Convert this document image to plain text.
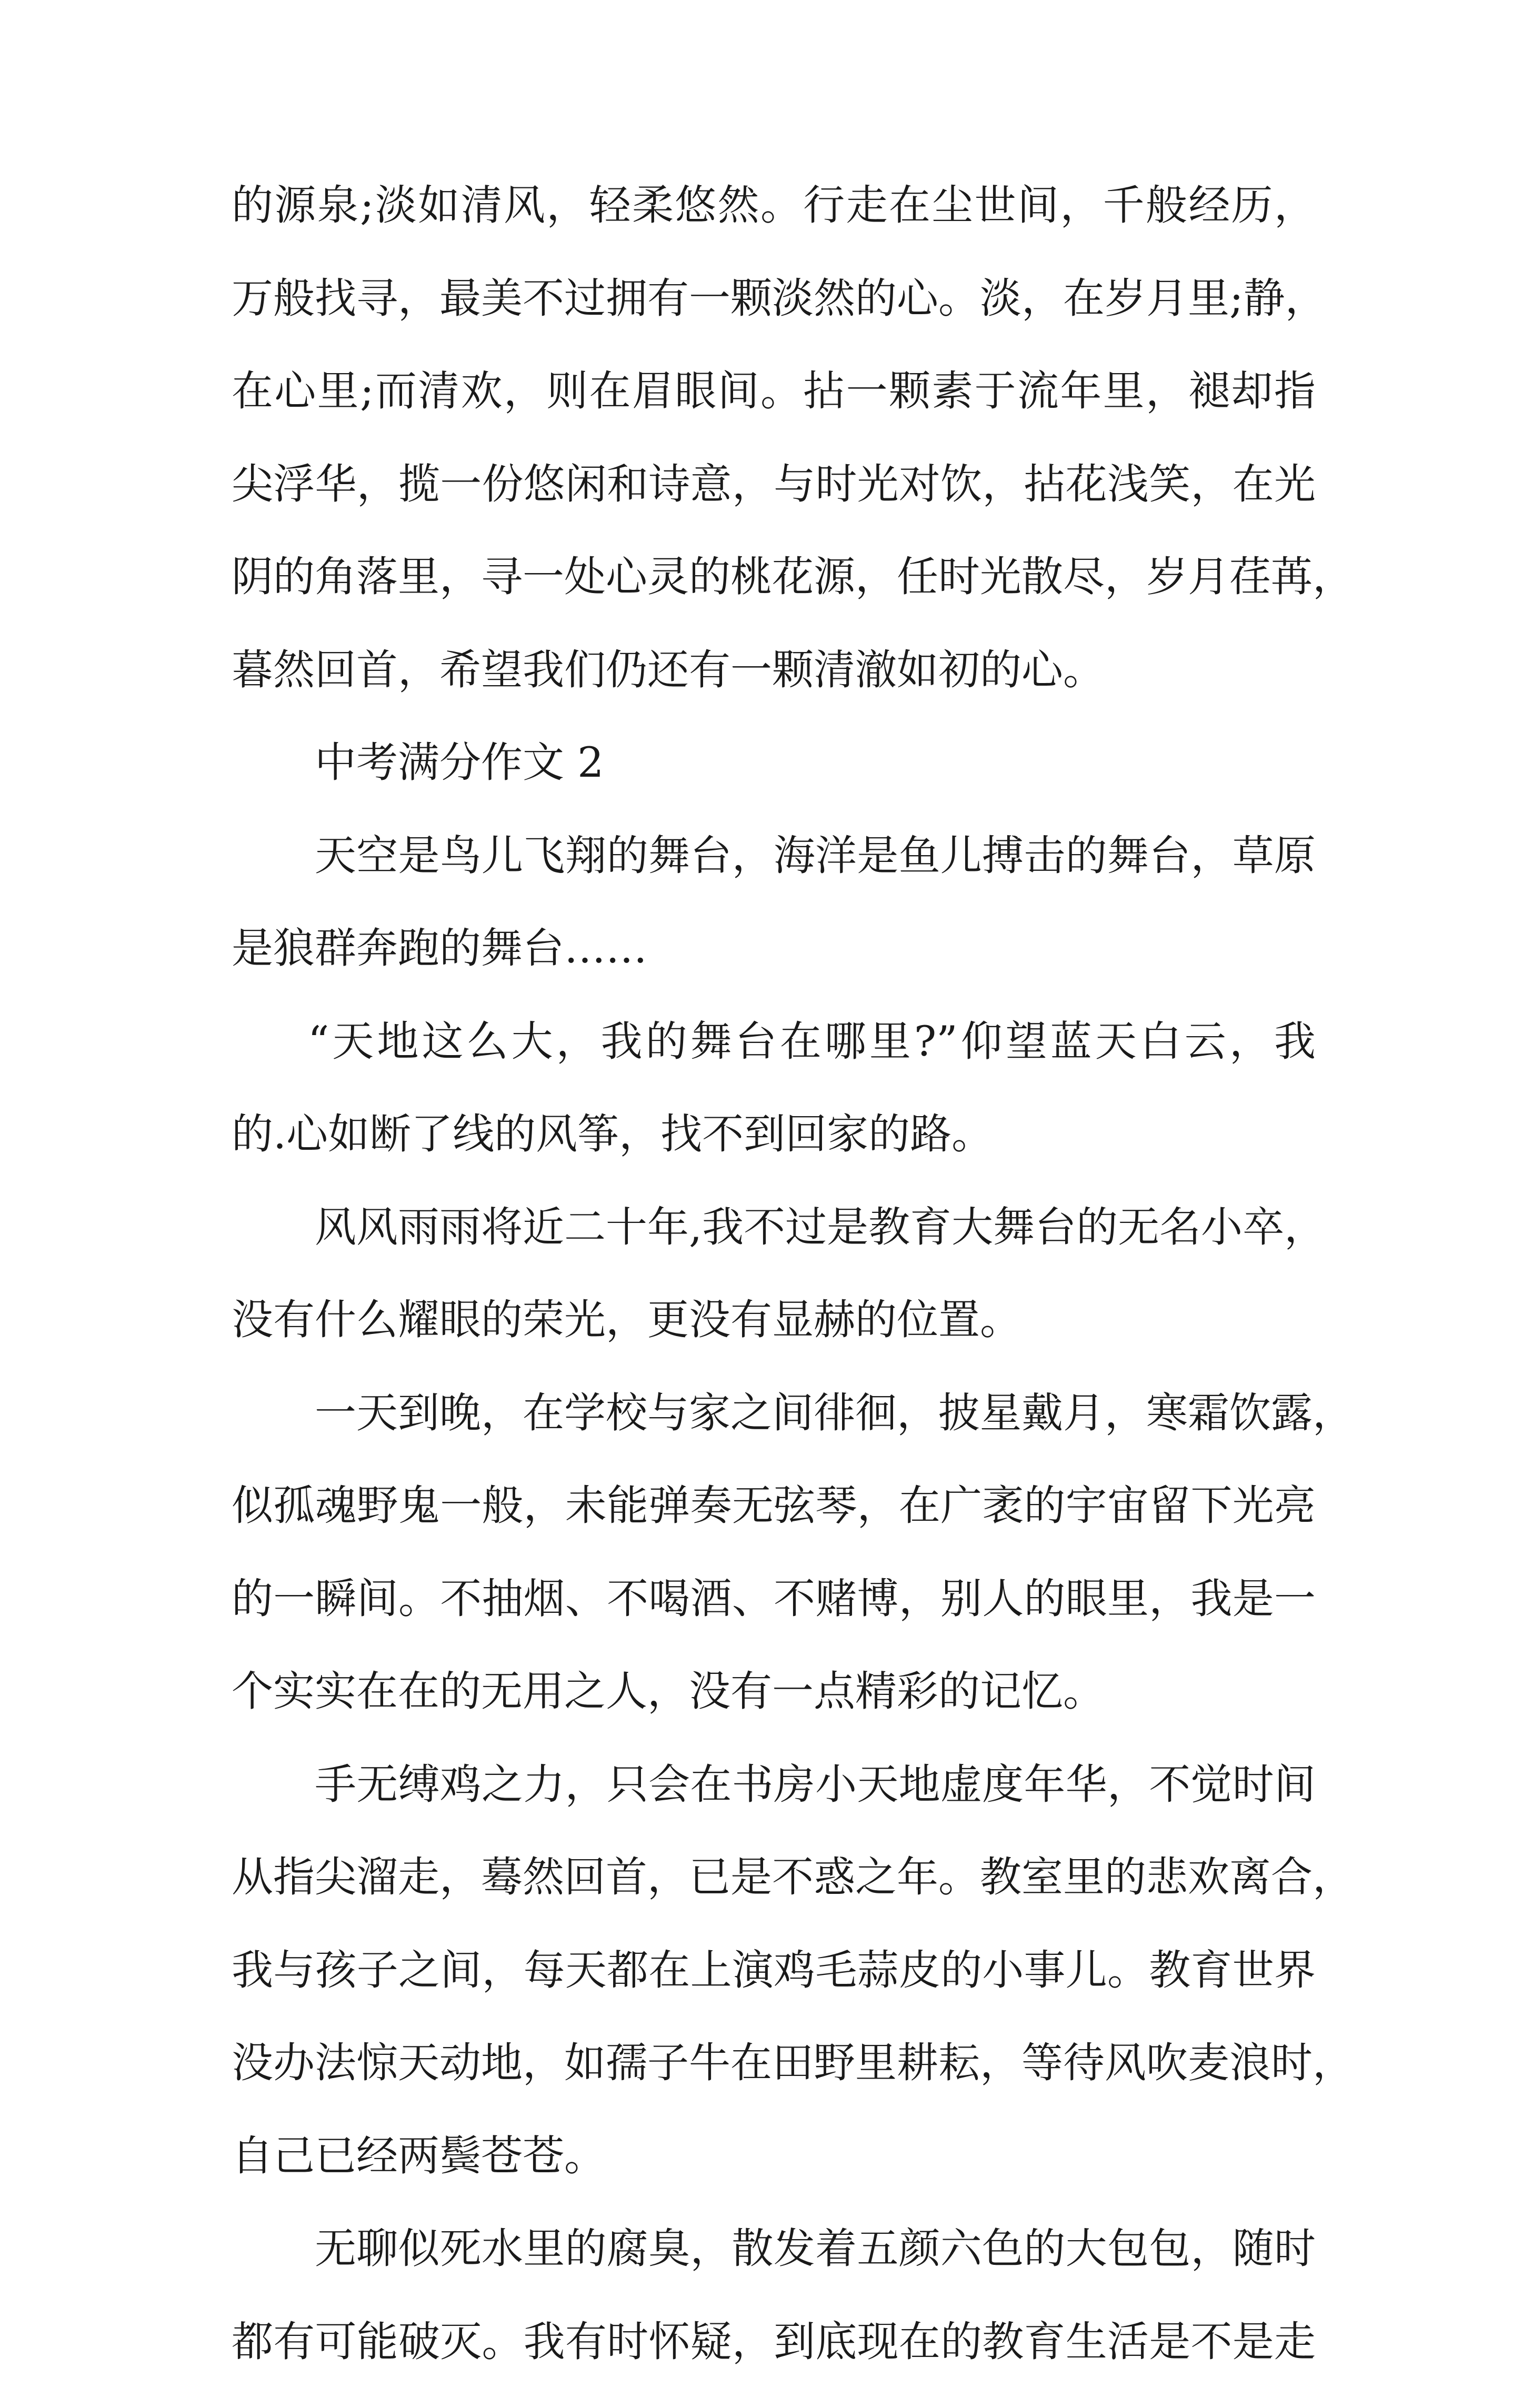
的源泉;淡如清风，轻柔悠然。行走在尘世间，千般经历，
万般找寻，最美不过拥有一颗淡然的心。淡，在岁月里;静，
在心里;而清欢，则在眉眼间。拈一颗素于流年里，褪却指
尖浮华，揽一份悠闲和诗意，与时光对饮，拈花浅笑，在光
阴的角落里，寻一处心灵的桃花源，任时光散尽，岁月荏苒，
暮然回首，希望我们仍还有一颗清澈如初的心。
中考满分作文 2
天空是鸟儿飞翔的舞台，海洋是鱼儿搏击的舞台，草原
是狼群奔跑的舞台……
“天地这么大，我的舞台在哪里?”仰望蓝天白云，我
的.心如断了线的风筝，找不到回家的路。
风风雨雨将近二十年,我不过是教育大舞台的无名小卒，
没有什么耀眼的荣光，更没有显赫的位置。
一天到晚，在学校与家之间徘徊，披星戴月，寒霜饮露，
似孤魂野鬼一般，未能弹奏无弦琴，在广袤的宇宙留下光亮
的一瞬间。不抽烟、不喝酒、不赌博，别人的眼里，我是一
个实实在在的无用之人，没有一点精彩的记忆。
手无缚鸡之力，只会在书房小天地虚度年华，不觉时间
从指尖溜走，蓦然回首，已是不惑之年。教室里的悲欢离合，
我与孩子之间，每天都在上演鸡毛蒜皮的小事儿。教育世界
没办法惊天动地，如孺子牛在田野里耕耘，等待风吹麦浪时，
自己已经两鬓苍苍。
无聊似死水里的腐臭，散发着五颜六色的大包包，随时
都有可能破灭。我有时怀疑，到底现在的教育生活是不是走
